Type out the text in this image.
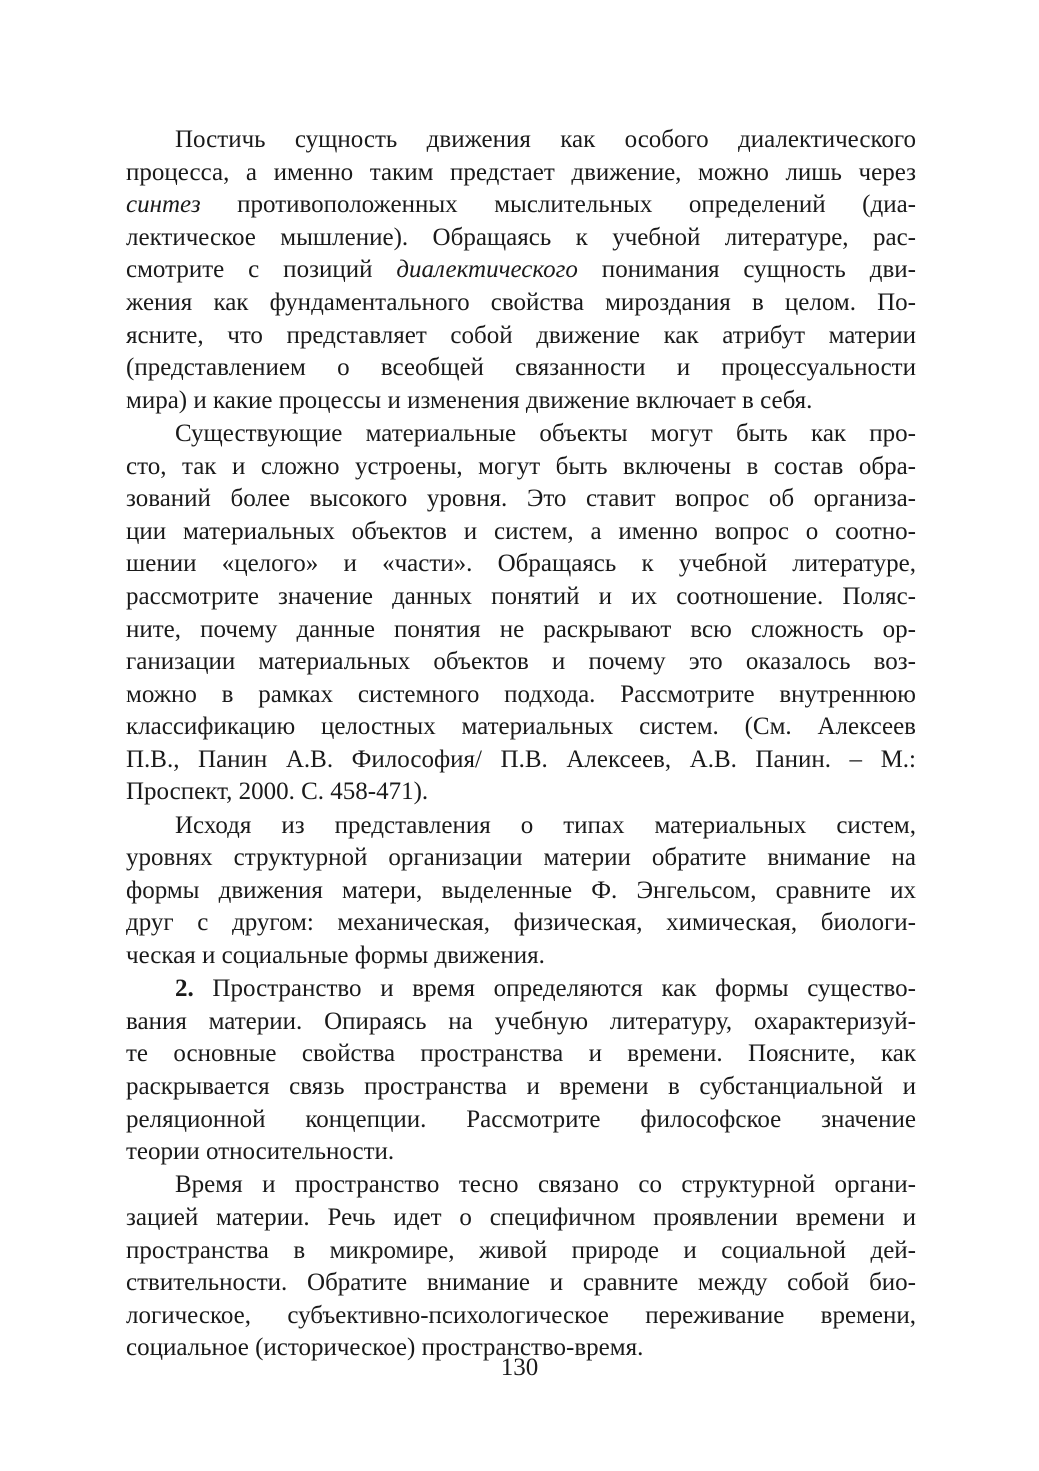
Постичь сущность движения как особого диалектического
процесса, а именно таким предстает движение, можно лишь через
синтез противоположенных мыслительных определений (диа-
лектическое мышление). Обращаясь к учебной литературе, рас-
смотрите с позиций диалектического понимания сущность дви-
жения как фундаментального свойства мироздания в целом. По-
ясните, что представляет собой движение как атрибут материи
(представлением о всеобщей связанности и процессуальности
мира) и какие процессы и изменения движение включает в себя.
Существующие материальные объекты могут быть как про-
сто, так и сложно устроены, могут быть включены в состав обра-
зований более высокого уровня. Это ставит вопрос об организа-
ции материальных объектов и систем, а именно вопрос о соотно-
шении «целого» и «части». Обращаясь к учебной литературе,
рассмотрите значение данных понятий и их соотношение. Поляс-
ните, почему данные понятия не раскрывают всю сложность ор-
ганизации материальных объектов и почему это оказалось воз-
можно в рамках системного подхода. Рассмотрите внутреннюю
классификацию целостных материальных систем. (См. Алексеев
П.В., Панин А.В. Философия/ П.В. Алексеев, А.В. Панин. – М.:
Проспект, 2000. С. 458-471).
Исходя из представления о типах материальных систем,
уровнях структурной организации материи обратите внимание на
формы движения матери, выделенные Ф. Энгельсом, сравните их
друг с другом: механическая, физическая, химическая, биологи-
ческая и социальные формы движения.
2. Пространство и время определяются как формы существо-
вания материи. Опираясь на учебную литературу, охарактеризуй-
те основные свойства пространства и времени. Поясните, как
раскрывается связь пространства и времени в субстанциальной и
реляционной концепции. Рассмотрите философское значение
теории относительности.
Время и пространство тесно связано со структурной органи-
зацией материи. Речь идет о специфичном проявлении времени и
пространства в микромире, живой природе и социальной дей-
ствительности. Обратите внимание и сравните между собой био-
логическое, субъективно-психологическое переживание времени,
социальное (историческое) пространство-время.
130
